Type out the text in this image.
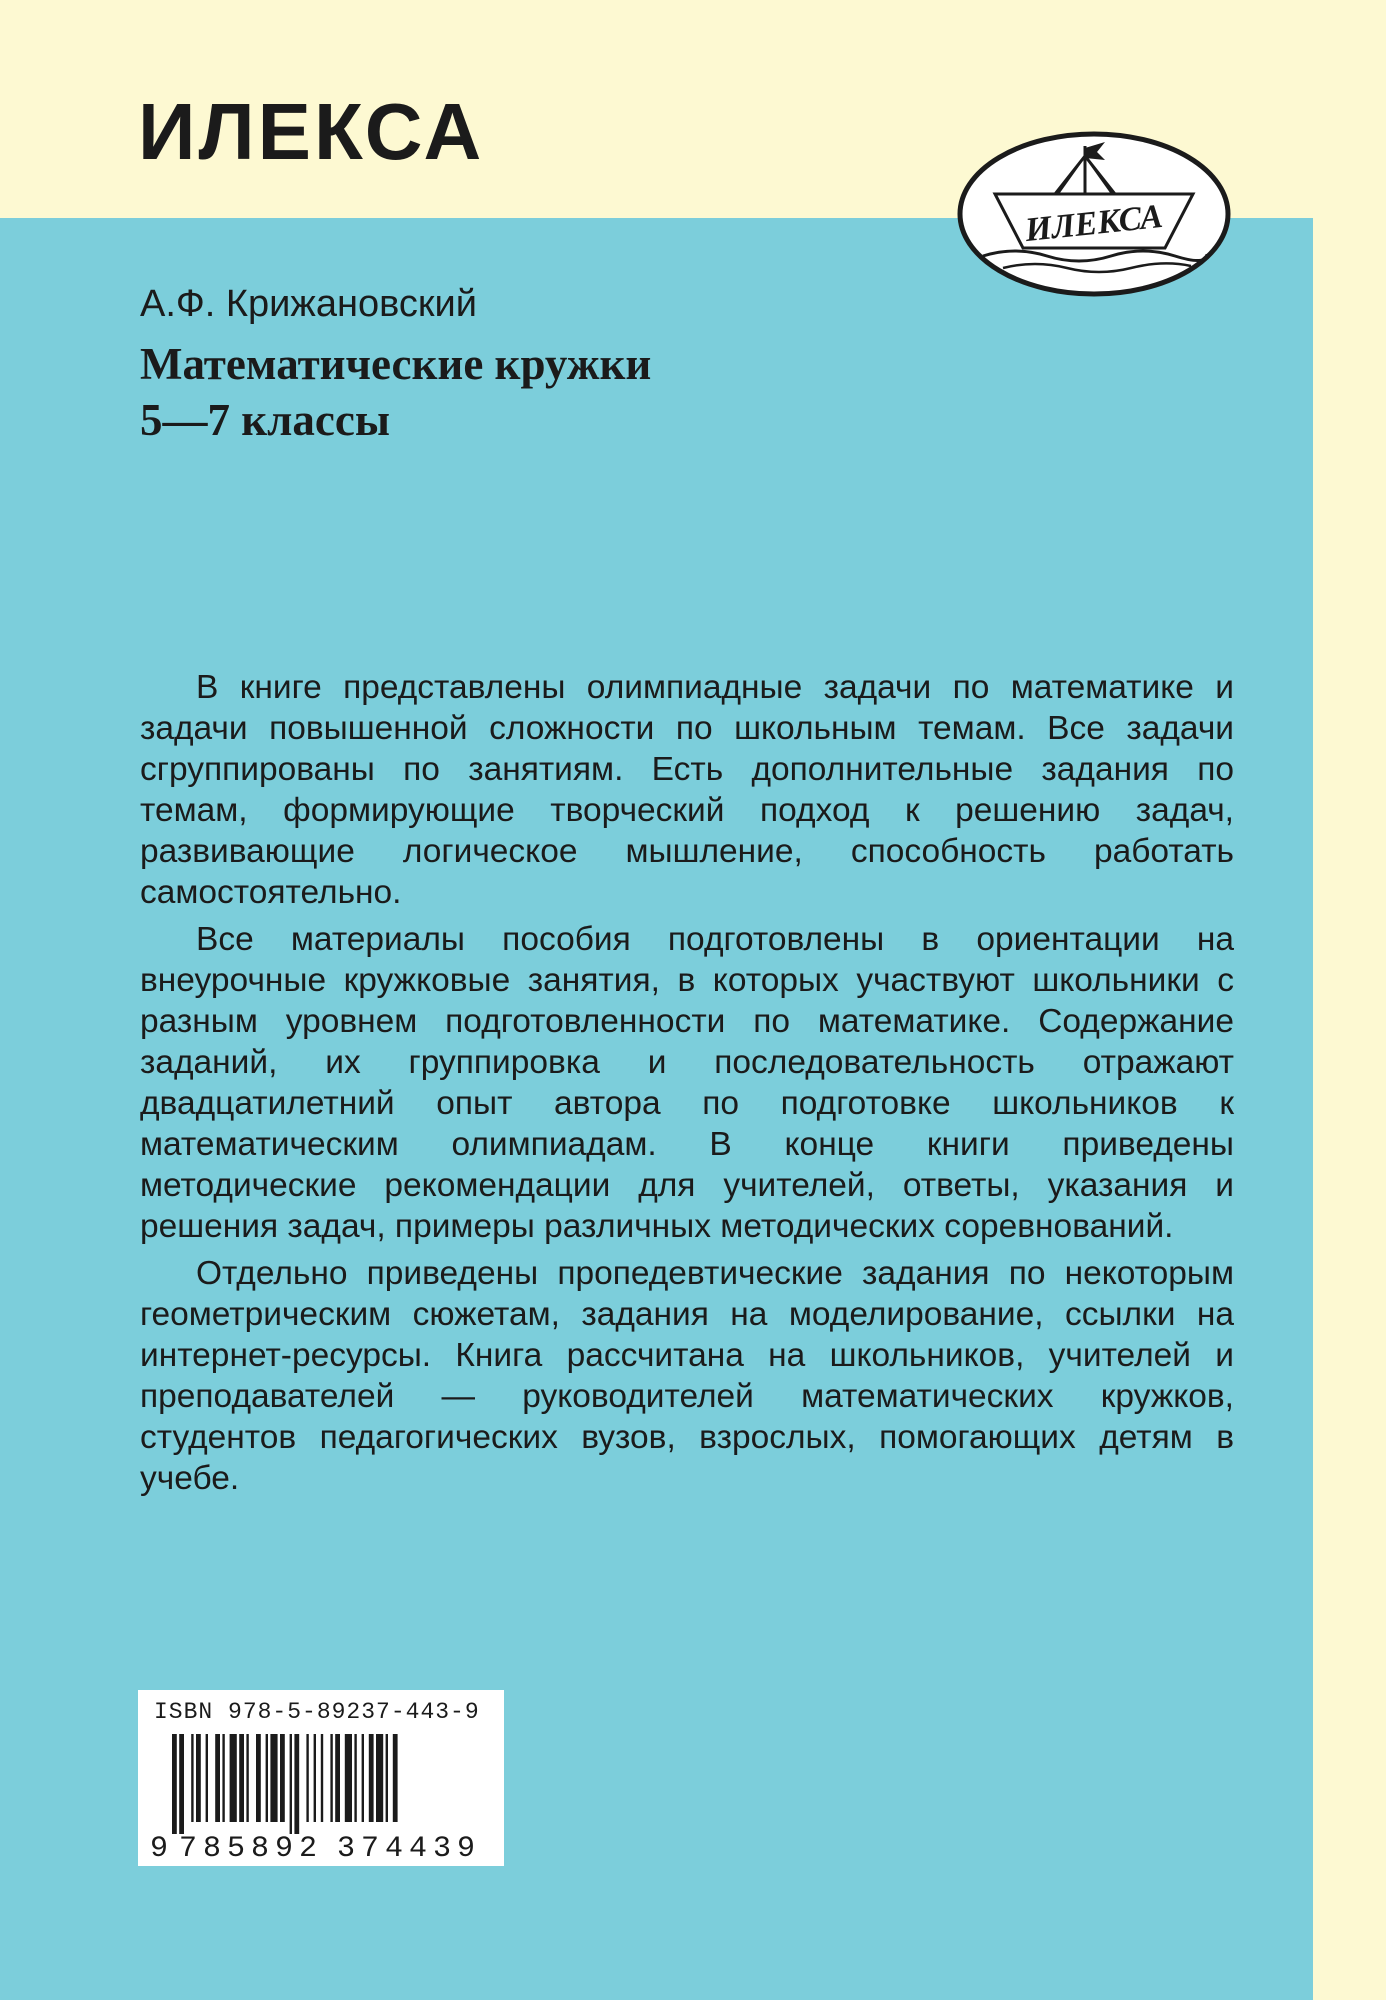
ИЛЕКСА
ИЛЕКСА
А.Ф. Крижановский
Математические кружки
5—7 классы

В книге представлены олимпиадные задачи по математике и задачи повышенной сложности по школьным темам. Все задачи сгруппированы по занятиям. Есть дополнительные задания по темам, формирующие творческий подход к решению задач, развивающие логическое мышление, способность работать самостоятельно.

Все материалы пособия подготовлены в ориентации на внеурочные кружковые занятия, в которых участвуют школьники с разным уровнем подготовленности по математике. Содержание заданий, их группировка и последовательность отражают двадцатилетний опыт автора по подготовке школьников к математическим олимпиадам. В конце книги приведены методические рекомендации для учителей, ответы, указания и решения задач, примеры различных методических соревнований.

Отдельно приведены пропедевтические задания по некоторым геометрическим сюжетам, задания на моделирование, ссылки на интернет-ресурсы. Книга рассчитана на школьников, учителей и преподавателей — руководителей математических кружков, студентов педагогических вузов, взрослых, помогающих детям в учебе.

ISBN 978-5-89237-443-9
9 785892 374439
